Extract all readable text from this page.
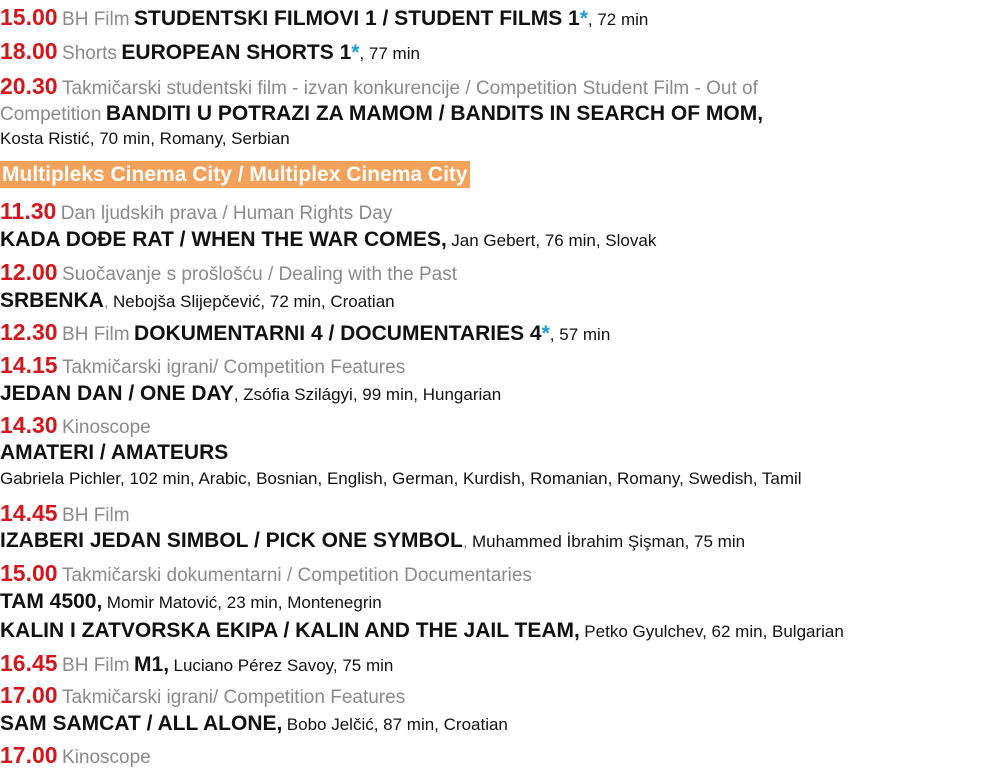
15.00 BH Film STUDENTSKI FILMOVI 1 / STUDENT FILMS 1*, 72 min
18.00 Shorts EUROPEAN SHORTS 1*, 77 min
20.30 Takmičarski studentski film - izvan konkurencije / Competition Student Film - Out of
Competition BANDITI U POTRAZI ZA MAMOM / BANDITS IN SEARCH OF MOM,
Kosta Ristić, 70 min, Romany, Serbian
Multipleks Cinema City / Multiplex Cinema City
11.30 Dan ljudskih prava / Human Rights Day
KADA DOĐE RAT / WHEN THE WAR COMES, Jan Gebert, 76 min, Slovak
12.00 Suočavanje s prošlošću / Dealing with the Past
SRBENKA, Nebojša Slijepčević, 72 min, Croatian
12.30 BH Film DOKUMENTARNI 4 / DOCUMENTARIES 4*, 57 min
14.15 Takmičarski igrani/ Competition Features
JEDAN DAN / ONE DAY, Zsófia Szilágyi, 99 min, Hungarian
14.30 Kinoscope
AMATERI / AMATEURS
Gabriela Pichler, 102 min, Arabic, Bosnian, English, German, Kurdish, Romanian, Romany, Swedish, Tamil
14.45 BH Film
IZABERI JEDAN SIMBOL / PICK ONE SYMBOL, Muhammed İbrahim Şişman, 75 min
15.00 Takmičarski dokumentarni / Competition Documentaries
TAM 4500, Momir Matović, 23 min, Montenegrin
KALIN I ZATVORSKA EKIPA / KALIN AND THE JAIL TEAM, Petko Gyulchev, 62 min, Bulgarian
16.45 BH Film M1, Luciano Pérez Savoy, 75 min
17.00 Takmičarski igrani/ Competition Features
SAM SAMCAT / ALL ALONE, Bobo Jelčić, 87 min, Croatian
17.00 Kinoscope
